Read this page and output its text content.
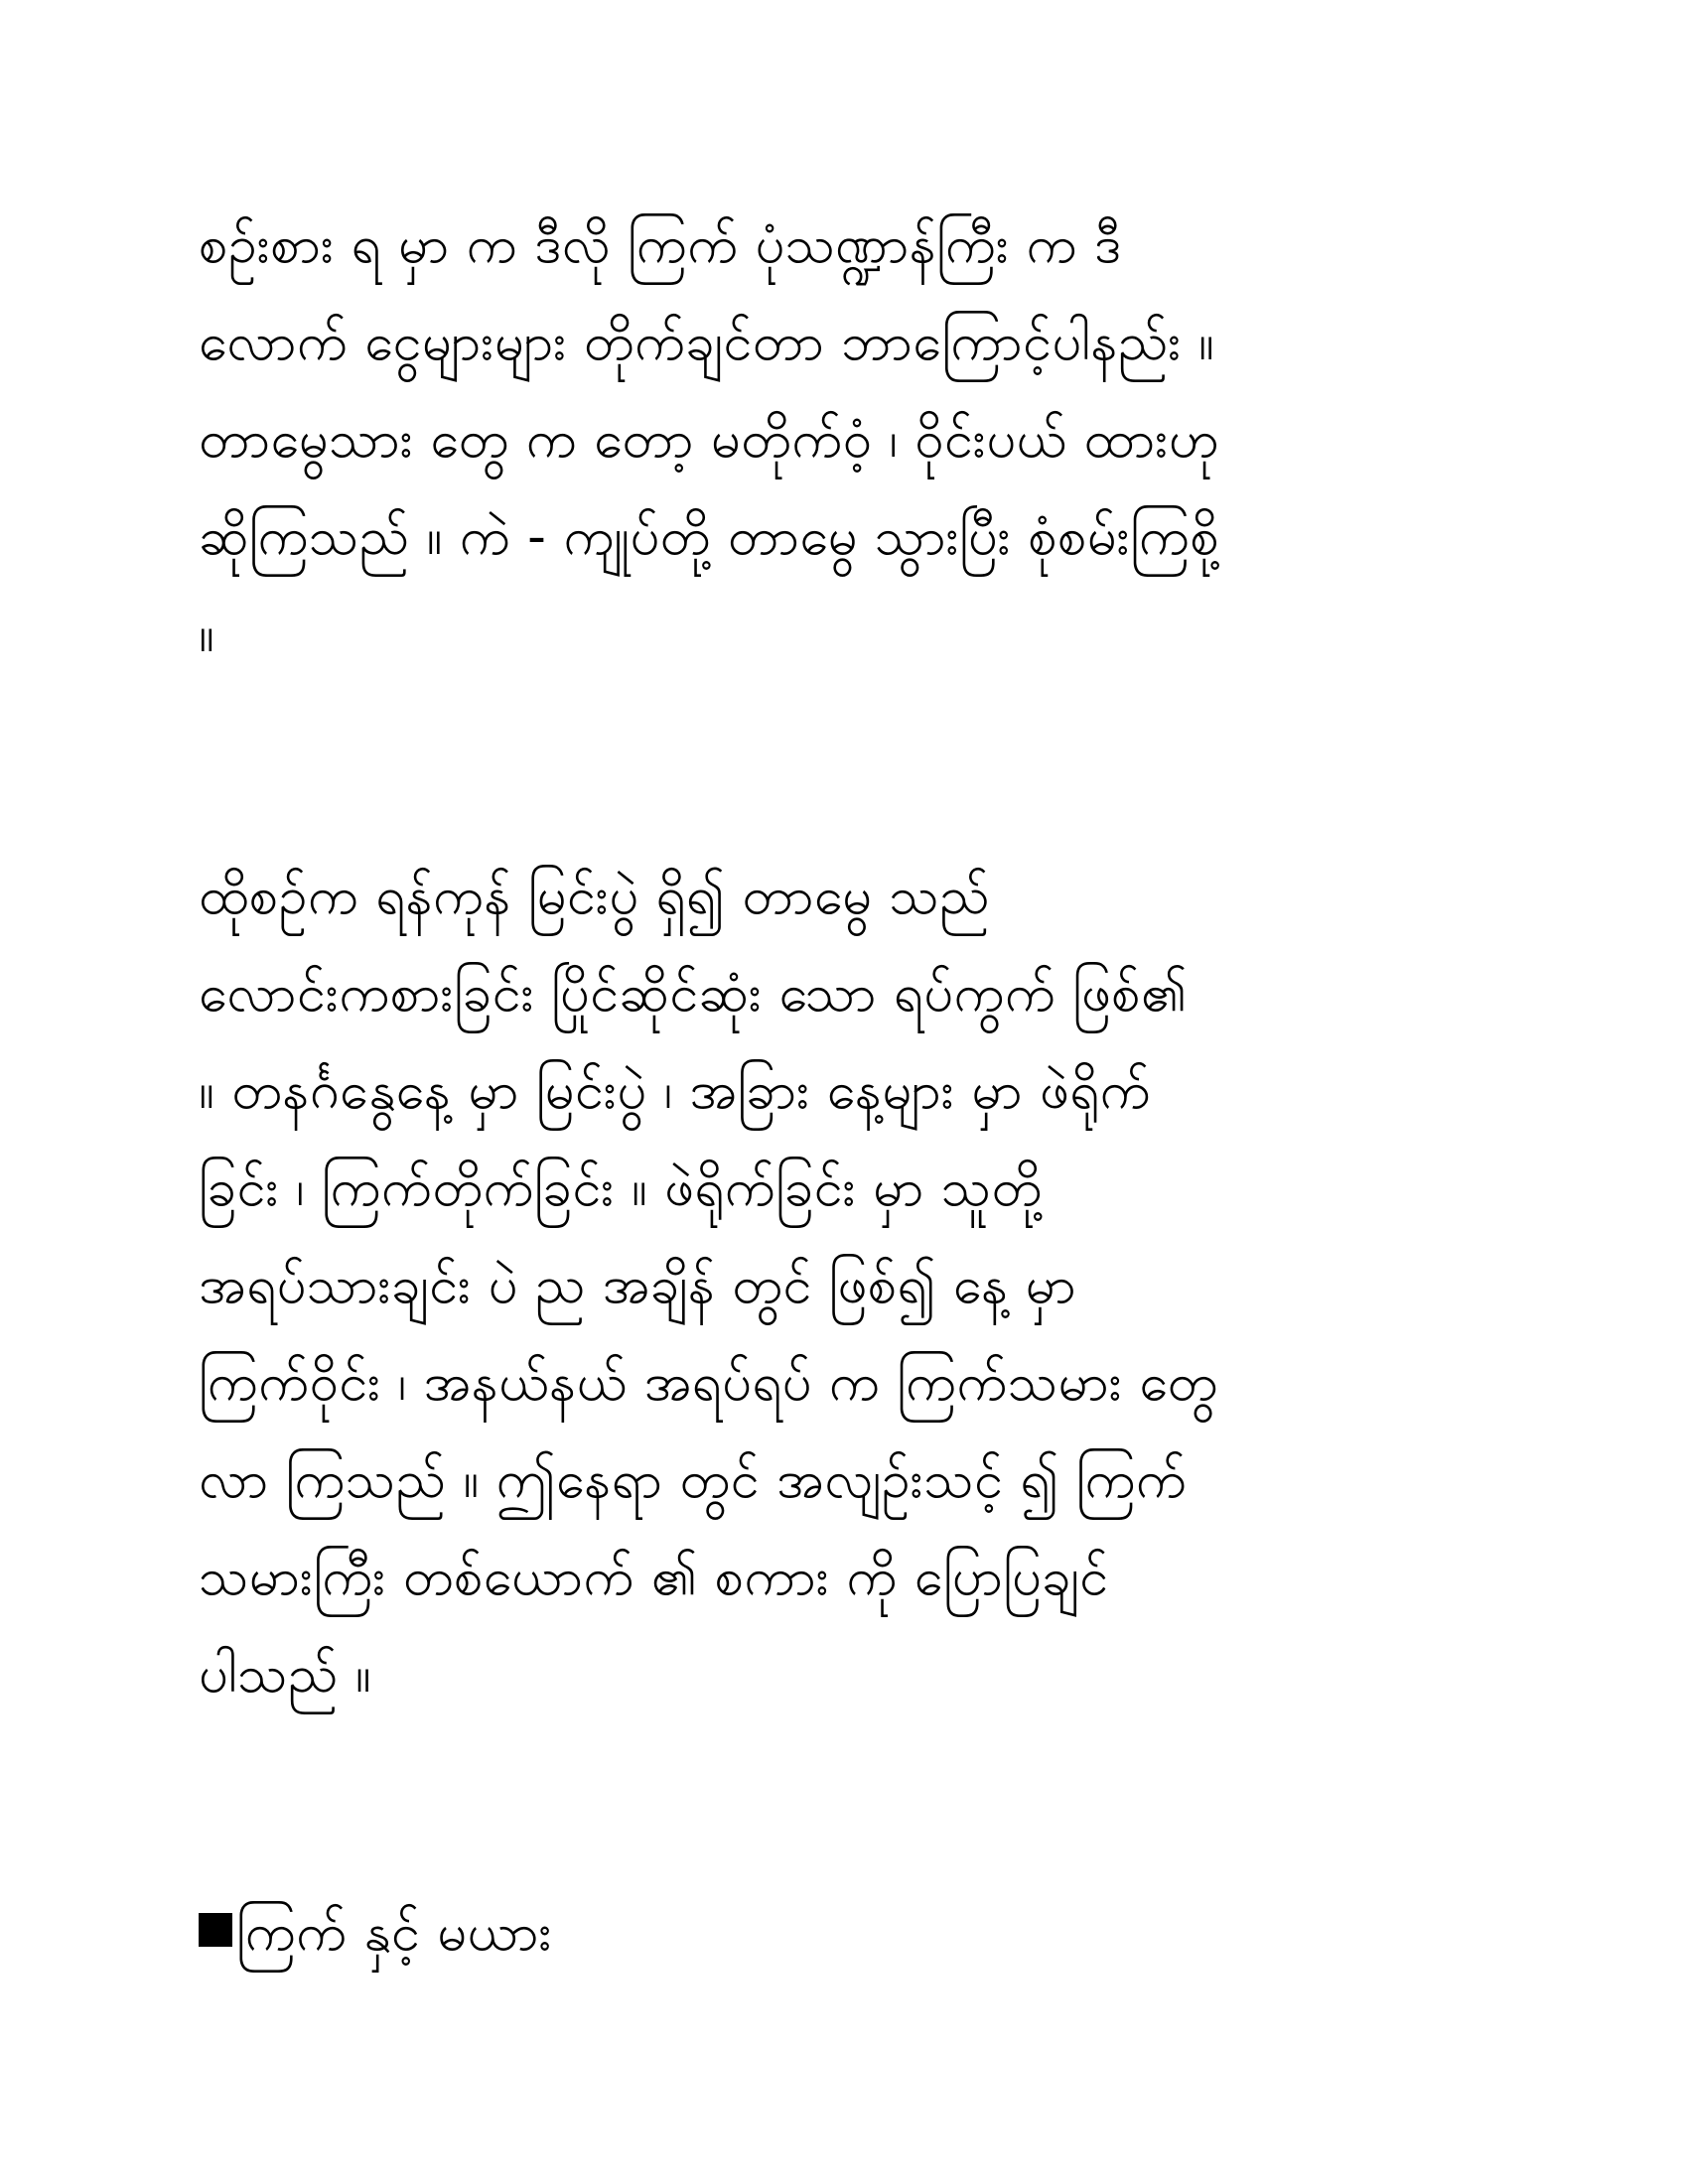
စဉ်းစား ရ မှာ က ဒီလို ကြက် ပုံသဏ္ဍာန်ကြီး က ဒီ
လောက် ငွေများများ တိုက်ချင်တာ ဘာကြောင့်ပါနည်း ။
တာမွေသား တွေ က တော့ မတိုက်ဝံ့ ၊ ဝိုင်းပယ် ထားဟု
ဆိုကြသည် ။ ကဲ - ကျုပ်တို့ တာမွေ သွားပြီး စုံစမ်းကြစို့
။
ထိုစဉ်က ရန်ကုန် မြင်းပွဲ ရှိ၍ တာမွေ သည်
လောင်းကစားခြင်း ပြိုင်ဆိုင်ဆုံး သော ရပ်ကွက် ဖြစ်၏
။ တနင်္ဂနွေနေ့ မှာ မြင်းပွဲ ၊ အခြား နေ့များ မှာ ဖဲရိုက်
ခြင်း ၊ ကြက်တိုက်ခြင်း ။ ဖဲရိုက်ခြင်း မှာ သူတို့
အရပ်သားချင်း ပဲ ည အချိန် တွင် ဖြစ်၍ နေ့ မှာ
ကြက်ဝိုင်း ၊ အနယ်နယ် အရပ်ရပ် က ကြက်သမား တွေ
လာ ကြသည် ။ ဤနေရာ တွင် အလျဉ်းသင့် ၍ ကြက်
သမားကြီး တစ်ယောက် ၏ စကား ကို ပြောပြချင်
ပါသည် ။
ကြက် နှင့် မယား
